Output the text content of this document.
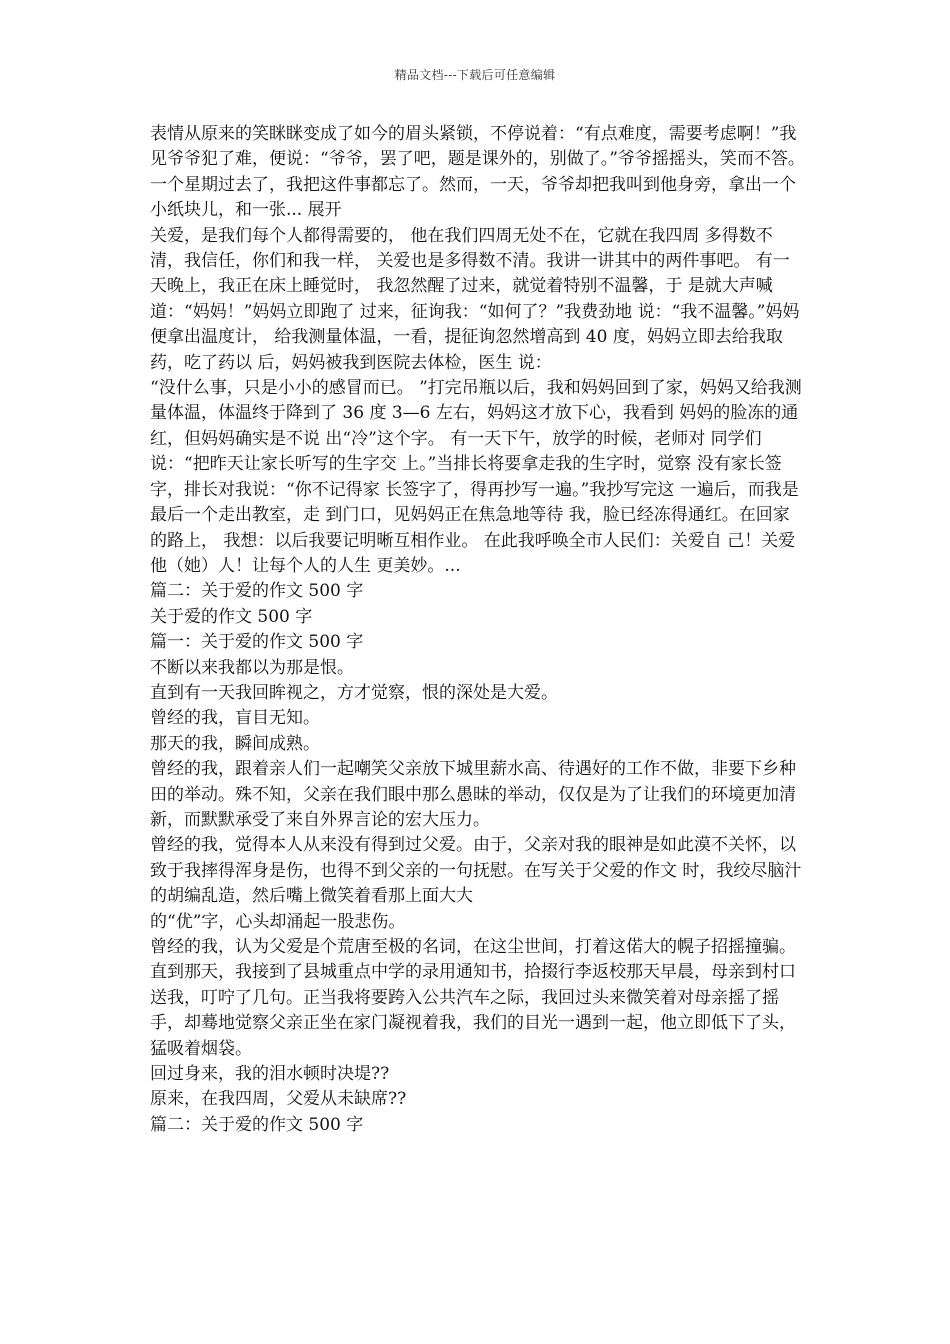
精品文档---下载后可任意编辑

表情从原来的笑眯眯变成了如今的眉头紧锁，不停说着：“有点难度，需要考虑啊！”我见爷爷犯了难，便说：“爷爷，罢了吧，题是课外的，别做了。”爷爷摇摇头，笑而不答。一个星期过去了，我把这件事都忘了。然而，一天，爷爷却把我叫到他身旁，拿出一个小纸块儿，和一张... 展开

关爱，是我们每个人都得需要的， 他在我们四周无处不在，它就在我四周 多得数不清，我信任，你们和我一样， 关爱也是多得数不清。我讲一讲其中的两件事吧。 有一天晚上，我正在床上睡觉时， 我忽然醒了过来，就觉着特别不温馨，于 是就大声喊道：“妈妈！”妈妈立即跑了 过来，征询我：“如何了？”我费劲地 说：“我不温馨。”妈妈便拿出温度计， 给我测量体温，一看，提征询忽然增高到 40 度，妈妈立即去给我取药，吃了药以 后，妈妈被我到医院去体检，医生 说：

“没什么事，只是小小的感冒而已。 ”打完吊瓶以后，我和妈妈回到了家，妈妈又给我测量体温，体温终于降到了 36 度 3—6 左右，妈妈这才放下心，我看到 妈妈的脸冻的通红，但妈妈确实是不说 出“冷”这个字。 有一天下午，放学的时候，老师对 同学们说：“把昨天让家长听写的生字交 上。”当排长将要拿走我的生字时，觉察 没有家长签字，排长对我说：“你不记得家 长签字了，得再抄写一遍。”我抄写完这 一遍后，而我是最后一个走出教室，走 到门口，见妈妈正在焦急地等待 我，脸已经冻得通红。在回家的路上， 我想：以后我要记明晰互相作业。 在此我呼唤全市人民们：关爱自 己！关爱他（她）人！让每个人的人生 更美妙。...

篇二：关于爱的作文 500 字

关于爱的作文 500 字

篇一：关于爱的作文 500 字

不断以来我都以为那是恨。

直到有一天我回眸视之，方才觉察，恨的深处是大爱。

曾经的我，盲目无知。

那天的我，瞬间成熟。

曾经的我，跟着亲人们一起嘲笑父亲放下城里薪水高、待遇好的工作不做，非要下乡种田的举动。殊不知，父亲在我们眼中那么愚昧的举动，仅仅是为了让我们的环境更加清新，而默默承受了来自外界言论的宏大压力。

曾经的我，觉得本人从来没有得到过父爱。由于，父亲对我的眼神是如此漠不关怀，以致于我摔得浑身是伤，也得不到父亲的一句抚慰。在写关于父爱的作文 时，我绞尽脑汁的胡编乱造，然后嘴上微笑着看那上面大大

的“优”字，心头却涌起一股悲伤。

曾经的我，认为父爱是个荒唐至极的名词，在这尘世间，打着这偌大的幌子招摇撞骗。

直到那天，我接到了县城重点中学的录用通知书，拾掇行李返校那天早晨，母亲到村口送我，叮咛了几句。正当我将要跨入公共汽车之际，我回过头来微笑着对母亲摇了摇手，却蓦地觉察父亲正坐在家门凝视着我，我们的目光一遇到一起，他立即低下了头，猛吸着烟袋。

回过身来，我的泪水顿时决堤??

原来，在我四周，父爱从未缺席??

篇二：关于爱的作文 500 字
